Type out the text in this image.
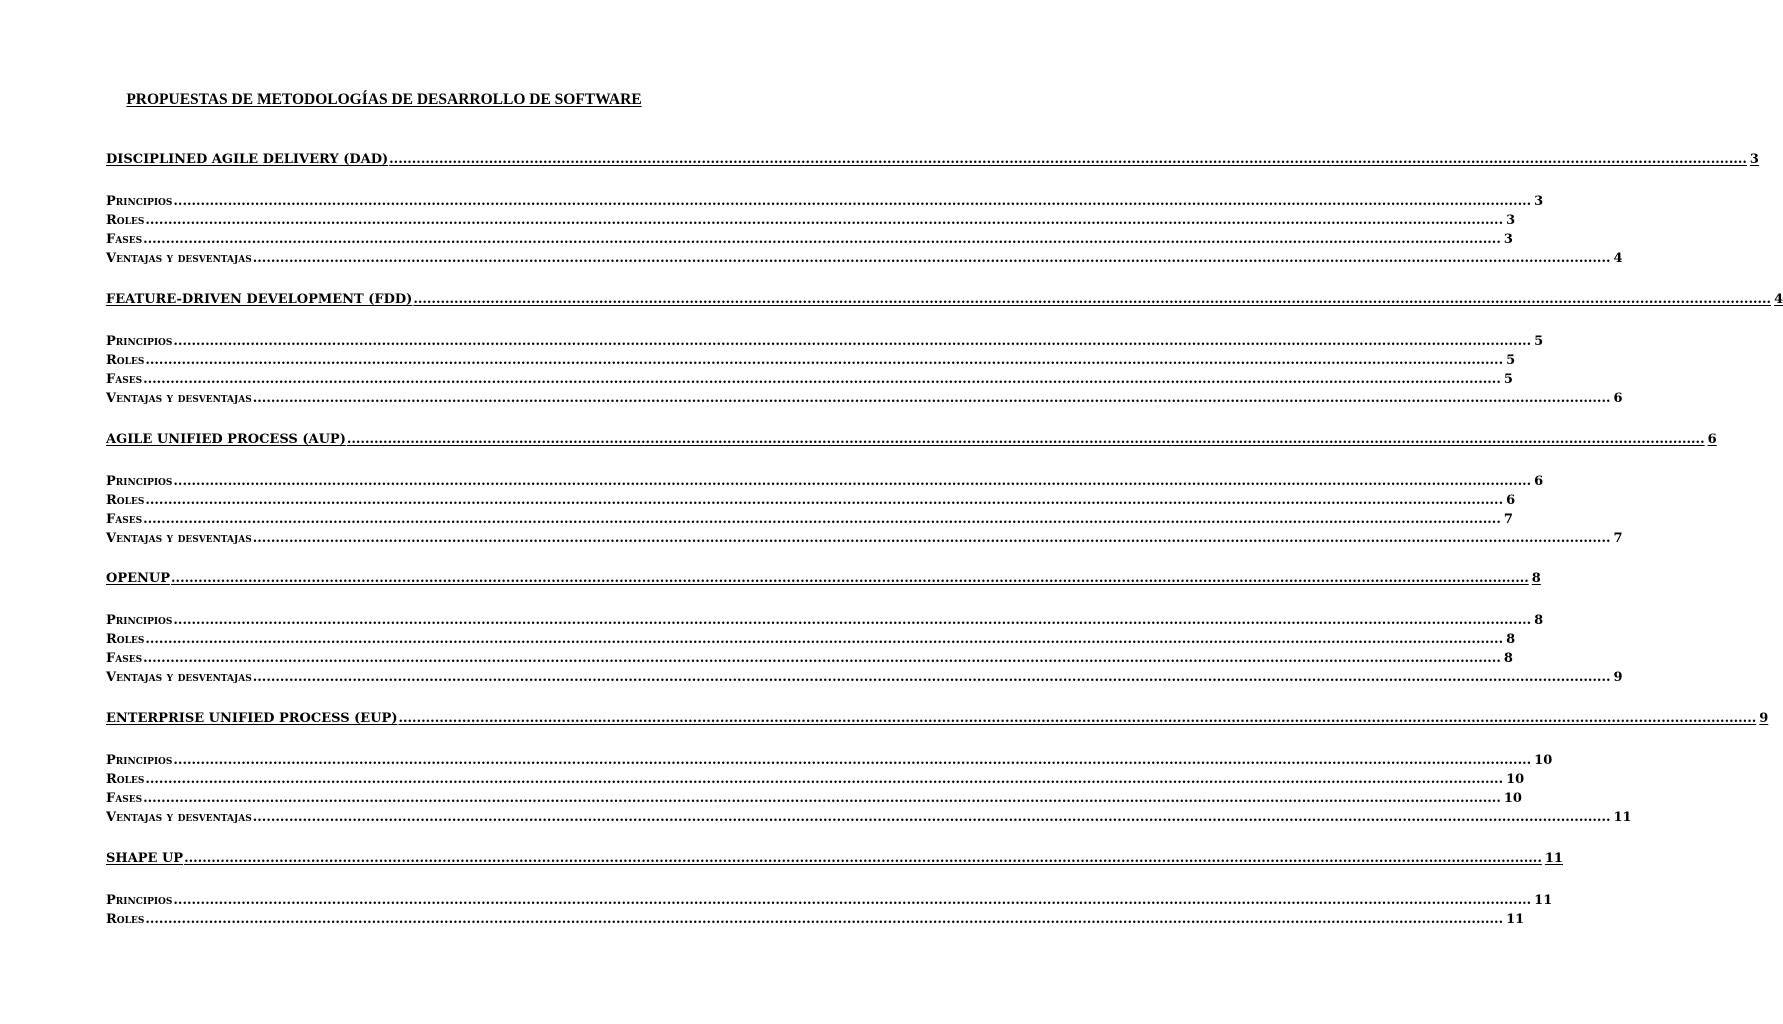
PROPUESTAS DE METODOLOGÍAS DE DESARROLLO DE SOFTWARE
DISCIPLINED AGILE DELIVERY (DAD) ............................................................................................................................................................................................................................................................................................................ 3
Principios ............................................................................................................................................................................................................................................................................................................ 3
Roles ............................................................................................................................................................................................................................................................................................................ 3
Fases ............................................................................................................................................................................................................................................................................................................ 3
Ventajas y desventajas ............................................................................................................................................................................................................................................................................................................ 4
FEATURE-DRIVEN DEVELOPMENT (FDD) ............................................................................................................................................................................................................................................................................................................ 4
Principios ............................................................................................................................................................................................................................................................................................................ 5
Roles ............................................................................................................................................................................................................................................................................................................ 5
Fases ............................................................................................................................................................................................................................................................................................................ 5
Ventajas y desventajas ............................................................................................................................................................................................................................................................................................................ 6
AGILE UNIFIED PROCESS (AUP) ............................................................................................................................................................................................................................................................................................................ 6
Principios ............................................................................................................................................................................................................................................................................................................ 6
Roles ............................................................................................................................................................................................................................................................................................................ 6
Fases ............................................................................................................................................................................................................................................................................................................ 7
Ventajas y desventajas ............................................................................................................................................................................................................................................................................................................ 7
OPENUP ............................................................................................................................................................................................................................................................................................................ 8
Principios ............................................................................................................................................................................................................................................................................................................ 8
Roles ............................................................................................................................................................................................................................................................................................................ 8
Fases ............................................................................................................................................................................................................................................................................................................ 8
Ventajas y desventajas ............................................................................................................................................................................................................................................................................................................ 9
ENTERPRISE UNIFIED PROCESS (EUP) ............................................................................................................................................................................................................................................................................................................ 9
Principios ............................................................................................................................................................................................................................................................................................................ 10
Roles ............................................................................................................................................................................................................................................................................................................ 10
Fases ............................................................................................................................................................................................................................................................................................................ 10
Ventajas y desventajas ............................................................................................................................................................................................................................................................................................................ 11
SHAPE UP ............................................................................................................................................................................................................................................................................................................ 11
Principios ............................................................................................................................................................................................................................................................................................................ 11
Roles ............................................................................................................................................................................................................................................................................................................ 11
